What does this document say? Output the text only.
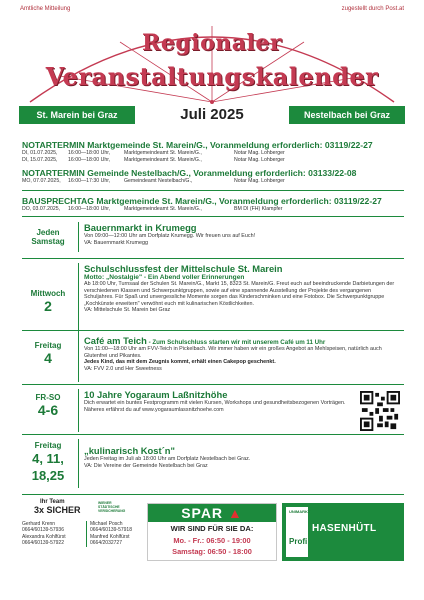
Amtliche Mitteilung	zugestellt durch Post.at
Regionaler
Veranstaltungskalender
St. Marein bei Graz	Juli 2025	Nestelbach bei Graz
NOTARTERMIN Marktgemeinde St. Marein/G., Voranmeldung erforderlich: 03119/22-27
DI, 01.07.2025, 16:00—18:00 Uhr,	Marktgemeindeamt St. Marein/G.,	Notar Mag. Lohberger
DI, 15.07.2025, 16:00—18:00 Uhr,	Marktgemeindeamt St. Marein/G.,	Notar Mag. Lohberger
NOTARTERMIN Gemeinde Nestelbach/G., Voranmeldung erforderlich: 03133/22-08
MO, 07.07.2025, 16:00—17:30 Uhr,	Gemeindeamt Nestelbach/G.,	Notar Mag. Lohberger
BAUSPRECHTAG Marktgemeinde St. Marein/G., Voranmeldung erforderlich: 03119/22-27
DO, 03.07.2025, 16:00—18:00 Uhr,	Marktgemeindeamt St. Marein/G.,	BM DI (FH) Klampfer
Jeden
Samstag
Bauernmarkt in Krumegg
Von 09:00—12:00 Uhr am Dorfplatz Krumegg. Wir freuen uns auf Euch!
VA: Bauernmarkt Krumegg
Mittwoch
2
Schulschlussfest der Mittelschule St. Marein
Motto: „Nostalgie" - Ein Abend voller Erinnerungen
Ab 18:00 Uhr, Turnsaal der Schulen St. Marein/G., Markt 15, 8323 St. Marein/G. Freut euch auf beeindruckende Darbietungen der verschiedenen Klassen und Schwerpunktgruppen, sowie auf eine spannende Ausstellung der Projekte des vergangenen Schuljahres. Für Spaß und unvergessliche Momente sorgen das Kinderschminken und eine Fotobox. Die Schwerpunktgruppe „Kochkünste erweitern" verwöhnt euch mit kulinarischen Köstlichkeiten.
VA: Mittelschule St. Marein bei Graz
Freitag
4
Café am Teich - Zum Schulschluss starten wir mit unserem Café um 11 Uhr
Von 11:00—18:00 Uhr am FVV-Teich in Pickelbach. Wir immer haben wir ein großes Angebot an Mehlspeisen, natürlich auch Glutenfrei und Pikantes.
Jedes Kind, das mit dem Zeugnis kommt, erhält einen Cakepop geschenkt.
VA: FVV 2.0 und Her Sweetness
FR-SO
4-6
10 Jahre Yogaraum Laßnitzhöhe
Dich erwartet ein buntes Festprogramm mit vielen Kursen, Workshops und gesundheitsbezogenen Vorträgen. Näheres erfährst du auf www.yogaraumlassnitzhoehe.com
Freitag
4, 11, 18,25
„kulinarisch Kost´n"
Jeden Freitag im Juli ab 18:00 Uhr am Dorfplatz Nestelbach bei Graz.
VA: Die Vereine der Gemeinde Nestelbach bei Graz
Ihr Team
3x SICHER
WIENER STÄDTISCHE VERSICHERUNG
Gerhard Krenn
0664/60139-57936
Alexandra Kohlfürst
0664/60139-57922
Michael Posch
0664/60139-57918
Manfred Kohlfürst
0664/2032727
SPAR ▲
WIR SIND FÜR SIE DA:
Mo. - Fr.: 06:50 - 19:00
Samstag: 06:50 - 18:00
UNIMARKT
Profi
HASENHÜTL
